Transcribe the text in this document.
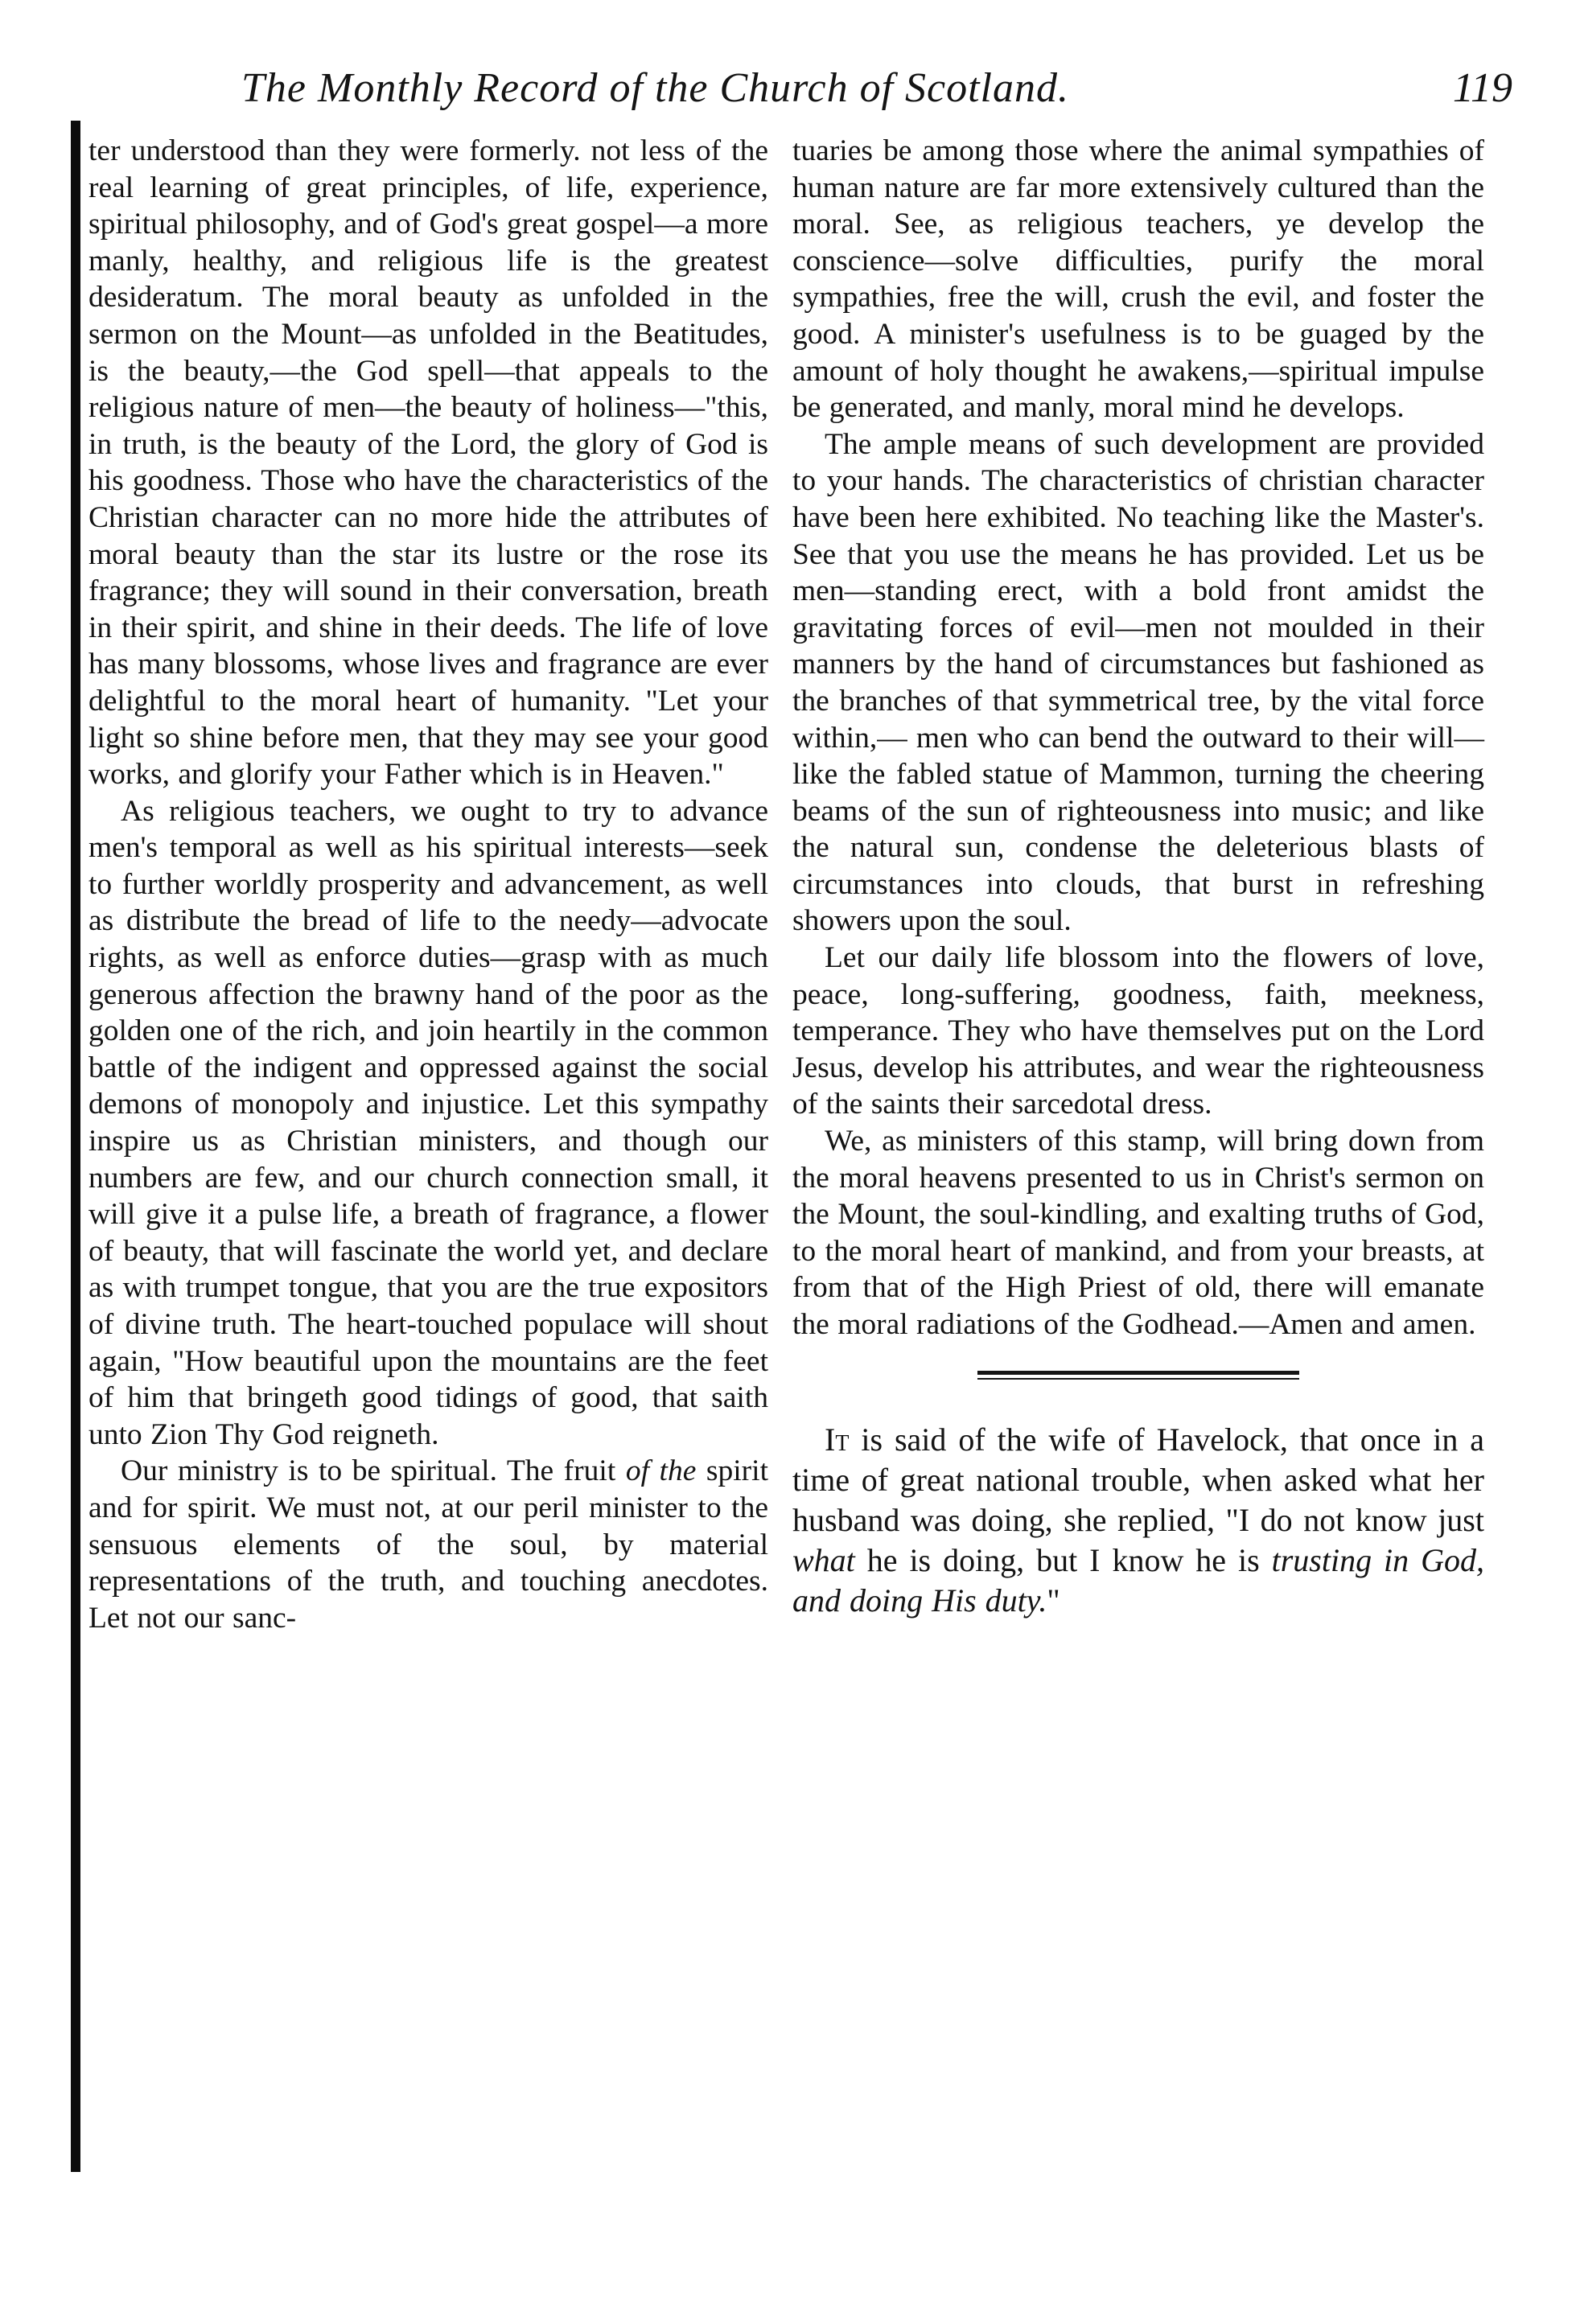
The Monthly Record of the Church of Scotland.	119

ter understood than they were formerly. not less of the real learning of great principles, of life, experience, spiritual philosophy, and of God's great gospel—a more manly, healthy, and religious life is the greatest desideratum. The moral beauty as unfolded in the sermon on the Mount—as unfolded in the Beatitudes, is the beauty,—the God spell—that appeals to the religious nature of men—the beauty of holiness—"this, in truth, is the beauty of the Lord, the glory of God is his goodness. Those who have the characteristics of the Christian character can no more hide the attributes of moral beauty than the star its lustre or the rose its fragrance; they will sound in their conversation, breath in their spirit, and shine in their deeds. The life of love has many blossoms, whose lives and fragrance are ever delightful to the moral heart of humanity. "Let your light so shine before men, that they may see your good works, and glorify your Father which is in Heaven."

As religious teachers, we ought to try to advance men's temporal as well as his spiritual interests—seek to further worldly prosperity and advancement, as well as distribute the bread of life to the needy—advocate rights, as well as enforce duties—grasp with as much generous affection the brawny hand of the poor as the golden one of the rich, and join heartily in the common battle of the indigent and oppressed against the social demons of monopoly and injustice. Let this sympathy inspire us as Christian ministers, and though our numbers are few, and our church connection small, it will give it a pulse life, a breath of fragrance, a flower of beauty, that will fascinate the world yet, and declare as with trumpet tongue, that you are the true expositors of divine truth. The heart-touched populace will shout again, "How beautiful upon the mountains are the feet of him that bringeth good tidings of good, that saith unto Zion Thy God reigneth.

Our ministry is to be spiritual. The fruit of the spirit and for spirit. We must not, at our peril minister to the sensuous elements of the soul, by material representations of the truth, and touching anecdotes. Let not our sanc-

tuaries be among those where the animal sympathies of human nature are far more extensively cultured than the moral. See, as religious teachers, ye develop the conscience—solve difficulties, purify the moral sympathies, free the will, crush the evil, and foster the good. A minister's usefulness is to be guaged by the amount of holy thought he awakens,—spiritual impulse be generated, and manly, moral mind he develops.

The ample means of such development are provided to your hands. The characteristics of christian character have been here exhibited. No teaching like the Master's. See that you use the means he has provided. Let us be men—standing erect, with a bold front amidst the gravitating forces of evil—men not moulded in their manners by the hand of circumstances but fashioned as the branches of that symmetrical tree, by the vital force within,— men who can bend the outward to their will—like the fabled statue of Mammon, turning the cheering beams of the sun of righteousness into music; and like the natural sun, condense the deleterious blasts of circumstances into clouds, that burst in refreshing showers upon the soul.

Let our daily life blossom into the flowers of love, peace, long-suffering, goodness, faith, meekness, temperance. They who have themselves put on the Lord Jesus, develop his attributes, and wear the righteousness of the saints their sarcedotal dress.

We, as ministers of this stamp, will bring down from the moral heavens presented to us in Christ's sermon on the Mount, the soul-kindling, and exalting truths of God, to the moral heart of mankind, and from your breasts, at from that of the High Priest of old, there will emanate the moral radiations of the Godhead.—Amen and amen.

It is said of the wife of Havelock, that once in a time of great national trouble, when asked what her husband was doing, she replied, "I do not know just what he is doing, but I know he is trusting in God, and doing His duty."
